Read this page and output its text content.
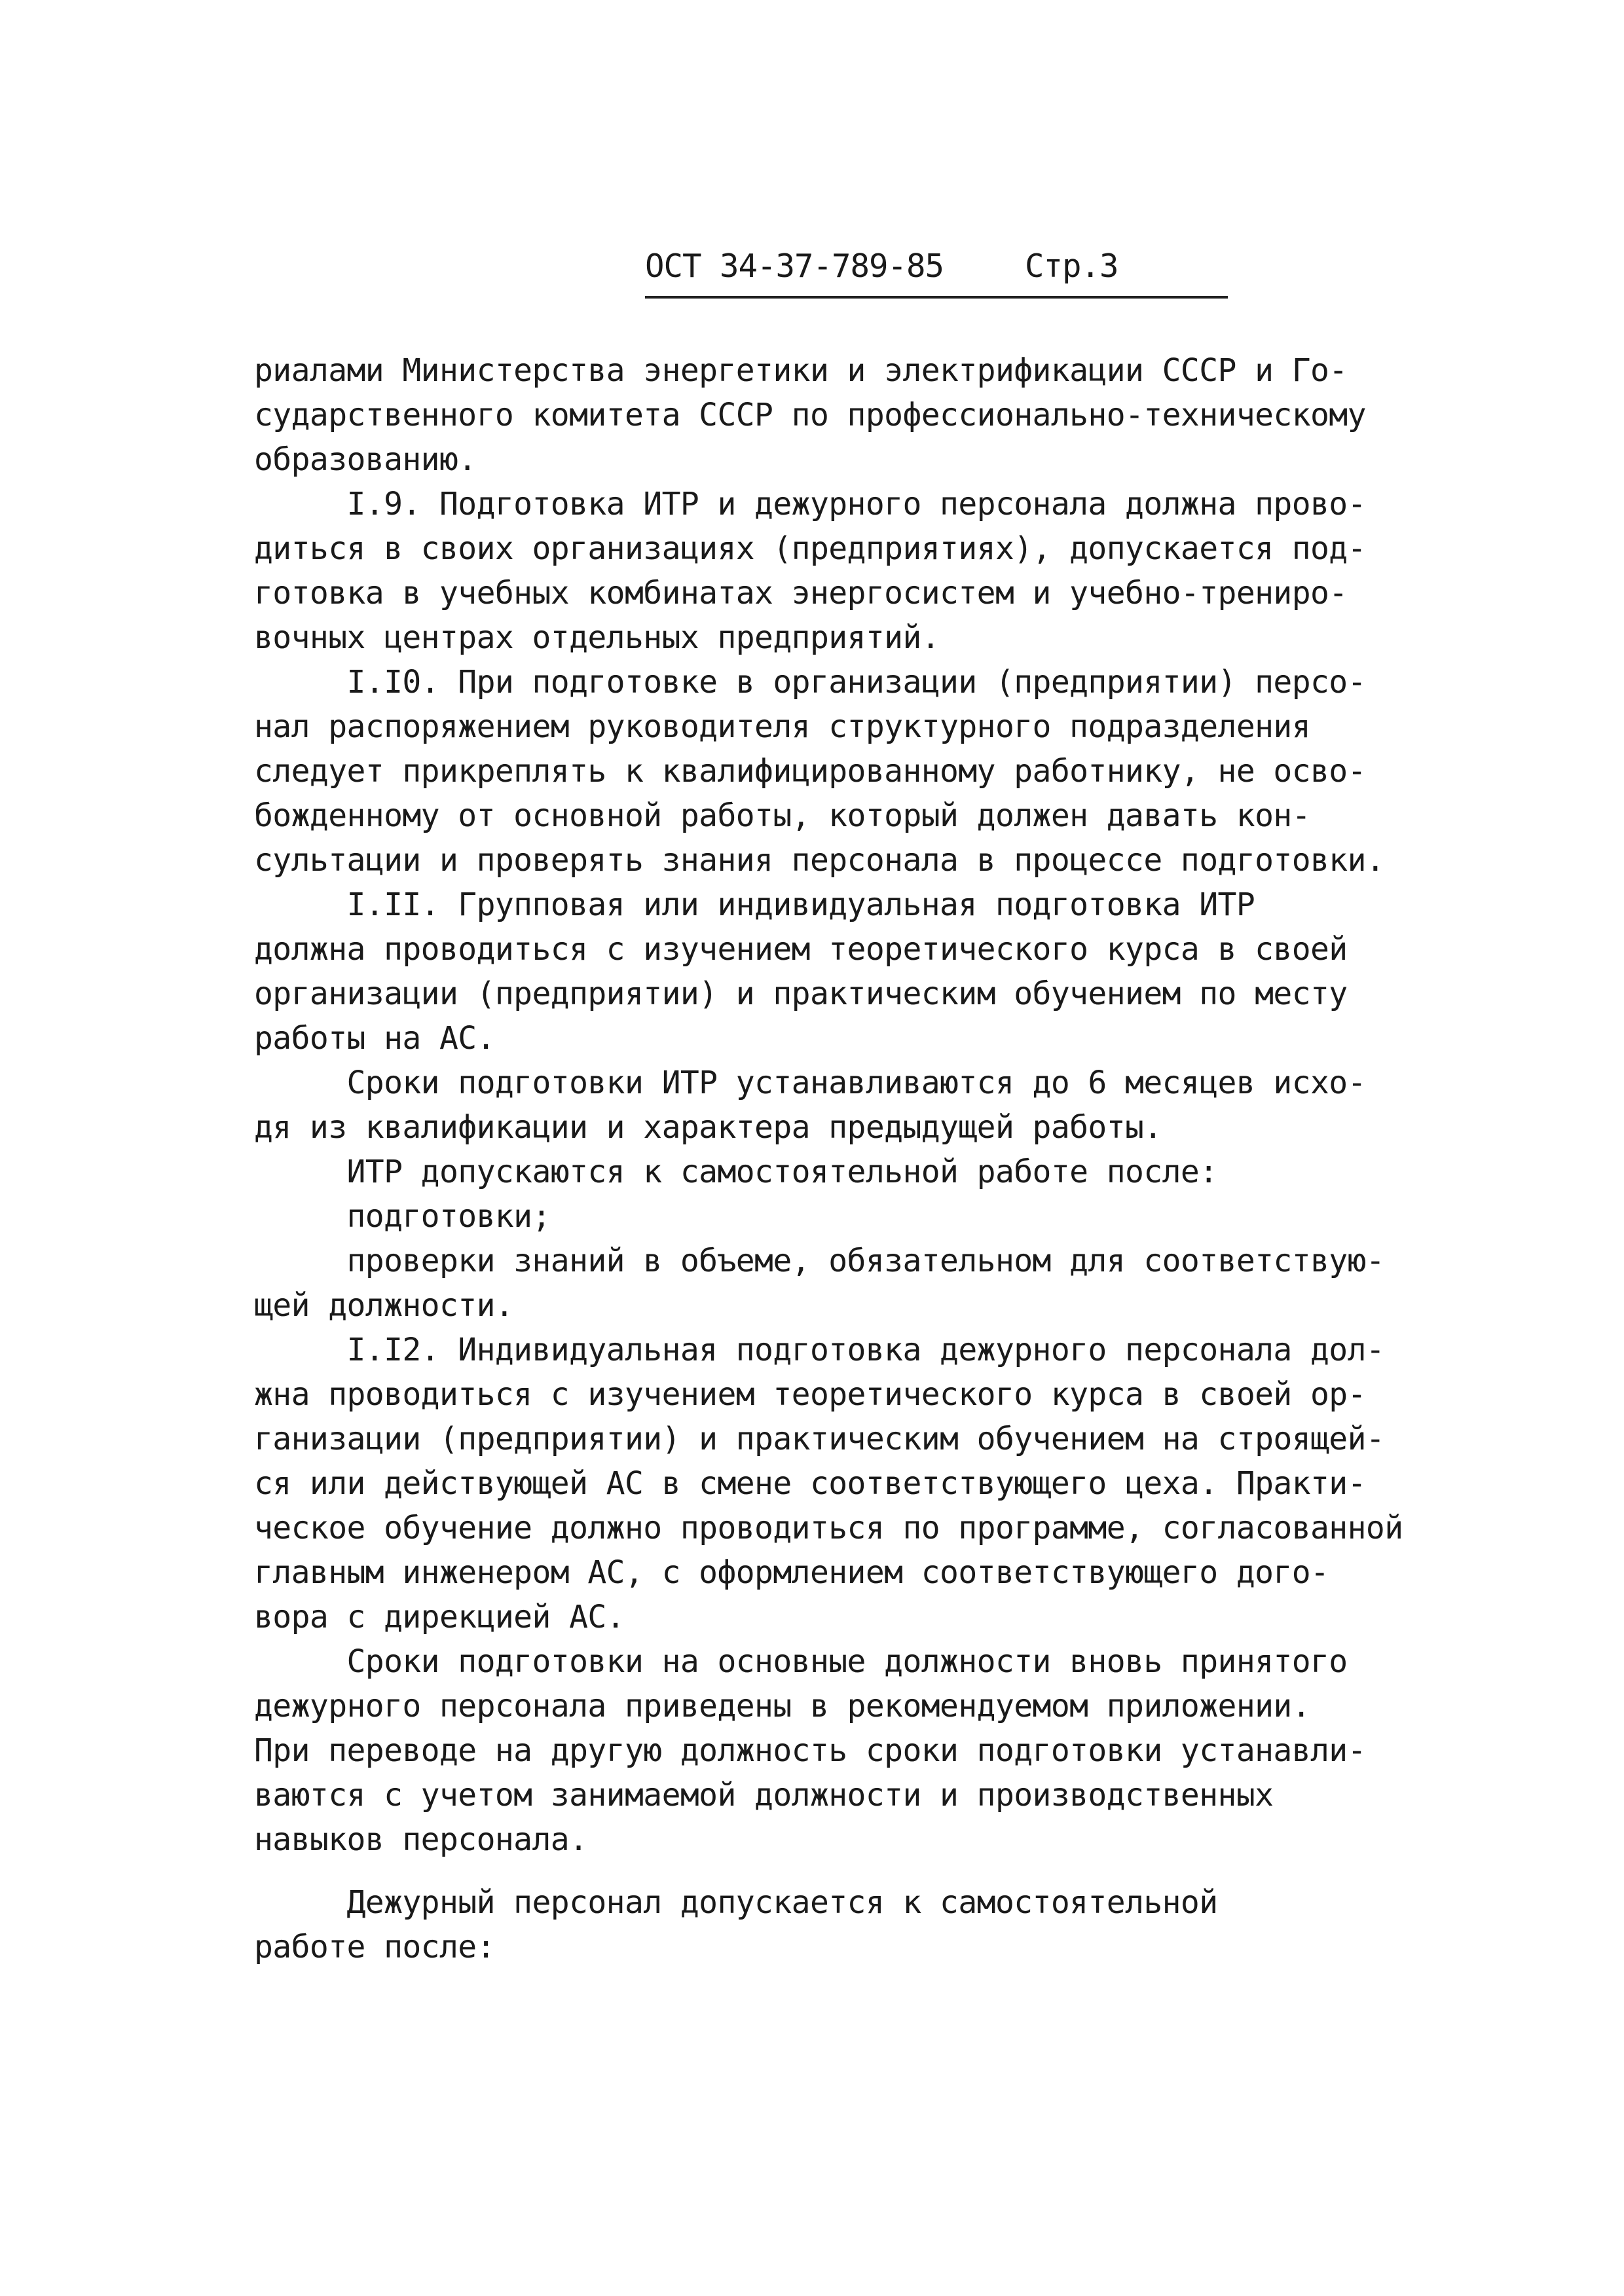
ОСТ 34-37-789-85	Стр.3
риалами Министерства энергетики и электрификации СССР и Го-
сударственного комитета СССР по профессионально-техническому
образованию.
I.9. Подготовка ИТР и дежурного персонала должна прово-
диться в своих организациях (предприятиях), допускается под-
готовка в учебных комбинатах энергосистем и учебно-трениро-
вочных центрах отдельных предприятий.
I.I0. При подготовке в организации (предприятии) персо-
нал распоряжением руководителя структурного подразделения
следует прикреплять к квалифицированному работнику, не осво-
божденному от основной работы, который должен давать кон-
сультации и проверять знания персонала в процессе подготовки.
I.II. Групповая или индивидуальная подготовка ИТР
должна проводиться с изучением теоретического курса в своей
организации (предприятии) и практическим обучением по месту
работы на АС.
Сроки подготовки ИТР устанавливаются до 6 месяцев исхо-
дя из квалификации и характера предыдущей работы.
ИТР допускаются к самостоятельной работе после:
подготовки;
проверки знаний в объеме, обязательном для соответствую-
щей должности.
I.I2. Индивидуальная подготовка дежурного персонала дол-
жна проводиться с изучением теоретического курса в своей ор-
ганизации (предприятии) и практическим обучением на строящей-
ся или действующей АС в смене соответствующего цеха. Практи-
ческое обучение должно проводиться по программе, согласованной
главным инженером АС, с оформлением соответствующего дого-
вора с дирекцией АС.
Сроки подготовки на основные должности вновь принятого
дежурного персонала приведены в рекомендуемом приложении.
При переводе на другую должность сроки подготовки устанавли-
ваются с учетом занимаемой должности и производственных
навыков персонала.
Дежурный персонал допускается к самостоятельной
работе после:
